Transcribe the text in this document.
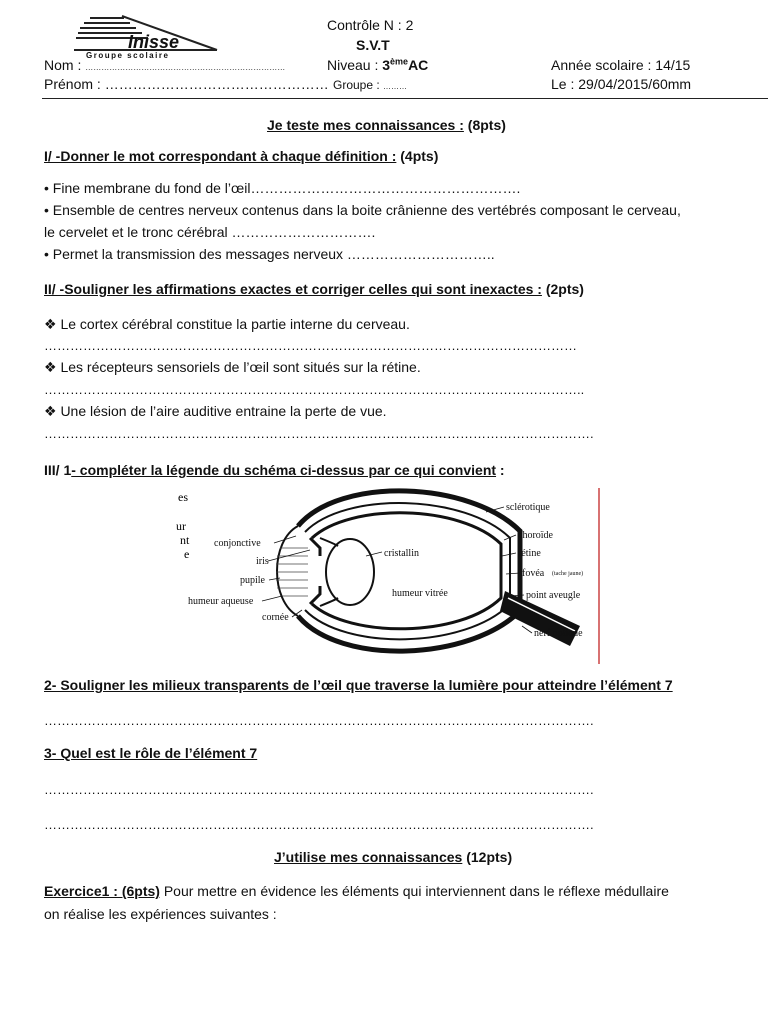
Inisse
Groupe scolaire
Contrôle N : 2
S.V.T
Nom : …………………………………………………………………	Niveau : 3èmeAC	Année scolaire : 14/15
Prénom : ………………………………………… Groupe : ………	Le : 29/04/2015/60mm
Je teste mes connaissances : (8pts)
I/ -Donner le mot correspondant à chaque définition : (4pts)
• Fine membrane du fond de l’œil………………………………………………….
• Ensemble de centres nerveux contenus dans la boite crânienne des vertébrés composant le cerveau,
le cervelet et le tronc cérébral ………………………….
• Permet la transmission des messages nerveux …………………………..
II/ -Souligner les affirmations exactes et corriger celles qui sont inexactes : (2pts)
❖ Le cortex cérébral constitue la partie interne du cerveau.
……………………………………………………………………………………………………………
❖ Les récepteurs sensoriels de l’œil sont situés sur la rétine.
……………………………………………………………………………………………………………..
❖ Une lésion de l’aire auditive entraine la perte de vue.
……………………………………………………………………………………………………………….
III/ 1- compléter la légende du schéma ci-dessus par ce qui convient :
es
ur
nt
e
conjonctive
iris
pupile
humeur aqueuse
cornée
cristallin
humeur vitrée
sclérotique
choroïde
rétine
fovéa (tache jaune)
point aveugle
nerf optique
2- Souligner les milieux transparents de l’œil que traverse la lumière pour atteindre l’élément 7
……………………………………………………………………………………………………………….
3- Quel est le rôle de l’élément 7
……………………………………………………………………………………………………………….
……………………………………………………………………………………………………………….
J’utilise mes connaissances (12pts)
Exercice1 : (6pts) Pour mettre en évidence les éléments qui interviennent dans le réflexe médullaire
on réalise les expériences suivantes :
